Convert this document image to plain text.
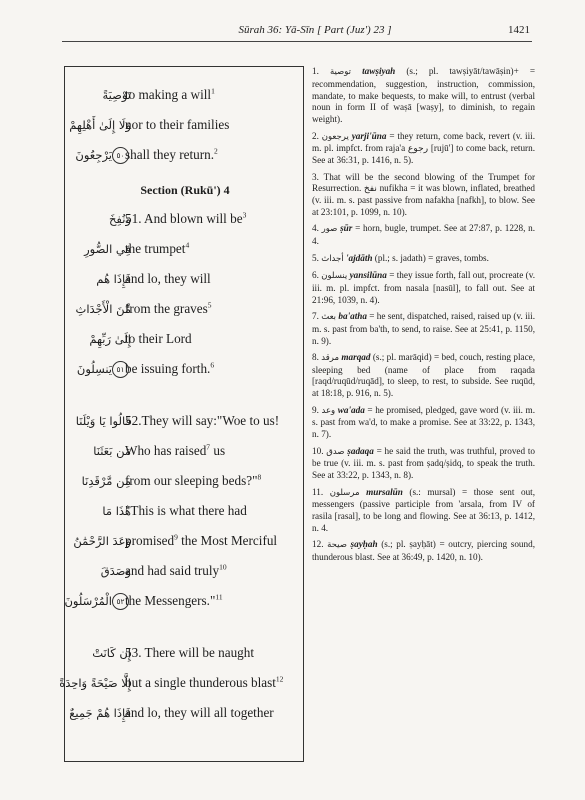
Sūrah 36: Yā-Sīn [ Part (Juz') 23 ]	1421
تَوْصِيَةً
to making a will$^1$
وَلَا إِلَىٰ أَهْلِهِمْ
nor to their families
٥٠يَرْجِعُونَ shall they return.$^2$
Section (Rukū') 4
وَنُفِخَ
51. And blown will $be^3$
فِي الصُّورِ
the trumpet$^4$
فَإِذَا هُم
and lo, they will
مِّنَ الْأَجْدَاثِ
from the graves$^5$
إِلَىٰ رَبِّهِمْ
to their Lord
٥١يَنسِلُونَ be issuing forth.$^6$
قَالُوا يَا وَيْلَنَا
52.They will say:"Woe to us!
مَن بَعَثَنَا
Who has raised$^7$ us
مِن مَّرْقَدِنَا
from our sleeping beds?"$^8$
هَٰذَا مَا
"This is what there had
وَعَدَ الرَّحْمَٰنُ
promised$^9$ the Most Merciful
وَصَدَقَ
and had said truly$^{10}$
٥٢الْمُرْسَلُونَ the Messengers."$^{11}$
إِن كَانَتْ
53. There will be naught
إِلَّا صَيْحَةً وَاحِدَةً
but a single thunderous blast$^{12}$
فَإِذَا هُمْ جَمِيعٌ
and lo, they will all together

1. توصية tawṣiyah (s.; pl. tawṣiyāt/tawāṣin)+ = recommendation, suggestion, instruction, commission, mandate, to make bequests, to make will, to entrust (verbal noun in form II of waṣā [waṣy], to diminish, to regain weight).

2. يرجعون yarji'ūna = they return, come back, revert (v. iii. m. pl. impfct. from raja'a رجوع [rujū'] to come back, return. See at 36:31, p. 1416, n. 5).

3. That will be the second blowing of the Trumpet for Resurrection. نفخ nufikha = it was blown, inflated, breathed (v. iii. m. s. past passive from nafakha [nafkh], to blow. See at 23:101, p. 1099, n. 10).

4. صور ṣūr = horn, bugle, trumpet. See at 27:87, p. 1228, n. 4.

5. أجداث 'ajdāth (pl.; s. jadath) = graves, tombs.

6. ينسلون yansilūna = they issue forth, fall out, procreate (v. iii. m. pl. impfct. from nasala [nasūl], to fall out. See at 21:96, 1039, n. 4).

7. بعث ba'atha = he sent, dispatched, raised, raised up (v. iii. m. s. past from ba'th, to send, to raise. See at 25:41, p. 1150, n. 9).

8. مرقد marqad (s.; pl. marāqid) = bed, couch, resting place, sleeping bed (name of place from raqada [raqd/ruqūd/ruqād], to sleep, to rest, to subside. See ruqūd, at 18:18, p. 916, n. 5).

9. وعد wa'ada = he promised, pledged, gave word (v. iii. m. s. past from wa'd, to make a promise. See at 33:22, p. 1343, n. 7).

10. صدق ṣadaqa = he said the truth, was truthful, proved to be true (v. iii. m. s. past from ṣadq/ṣidq, to speak the truth. See at 33:22, p. 1343, n. 8).

11. مرسلون mursalūn (s.: mursal) = those sent out, messengers (passive participle from 'arsala, from IV of rasila [rasal], to be long and flowing. See at 36:13, p. 1412, n. 4.

12. صيحة ṣayḥah (s.; pl. ṣayḥāt) = outcry, piercing sound, thunderous blast. See at 36:49, p. 1420, n. 10).
